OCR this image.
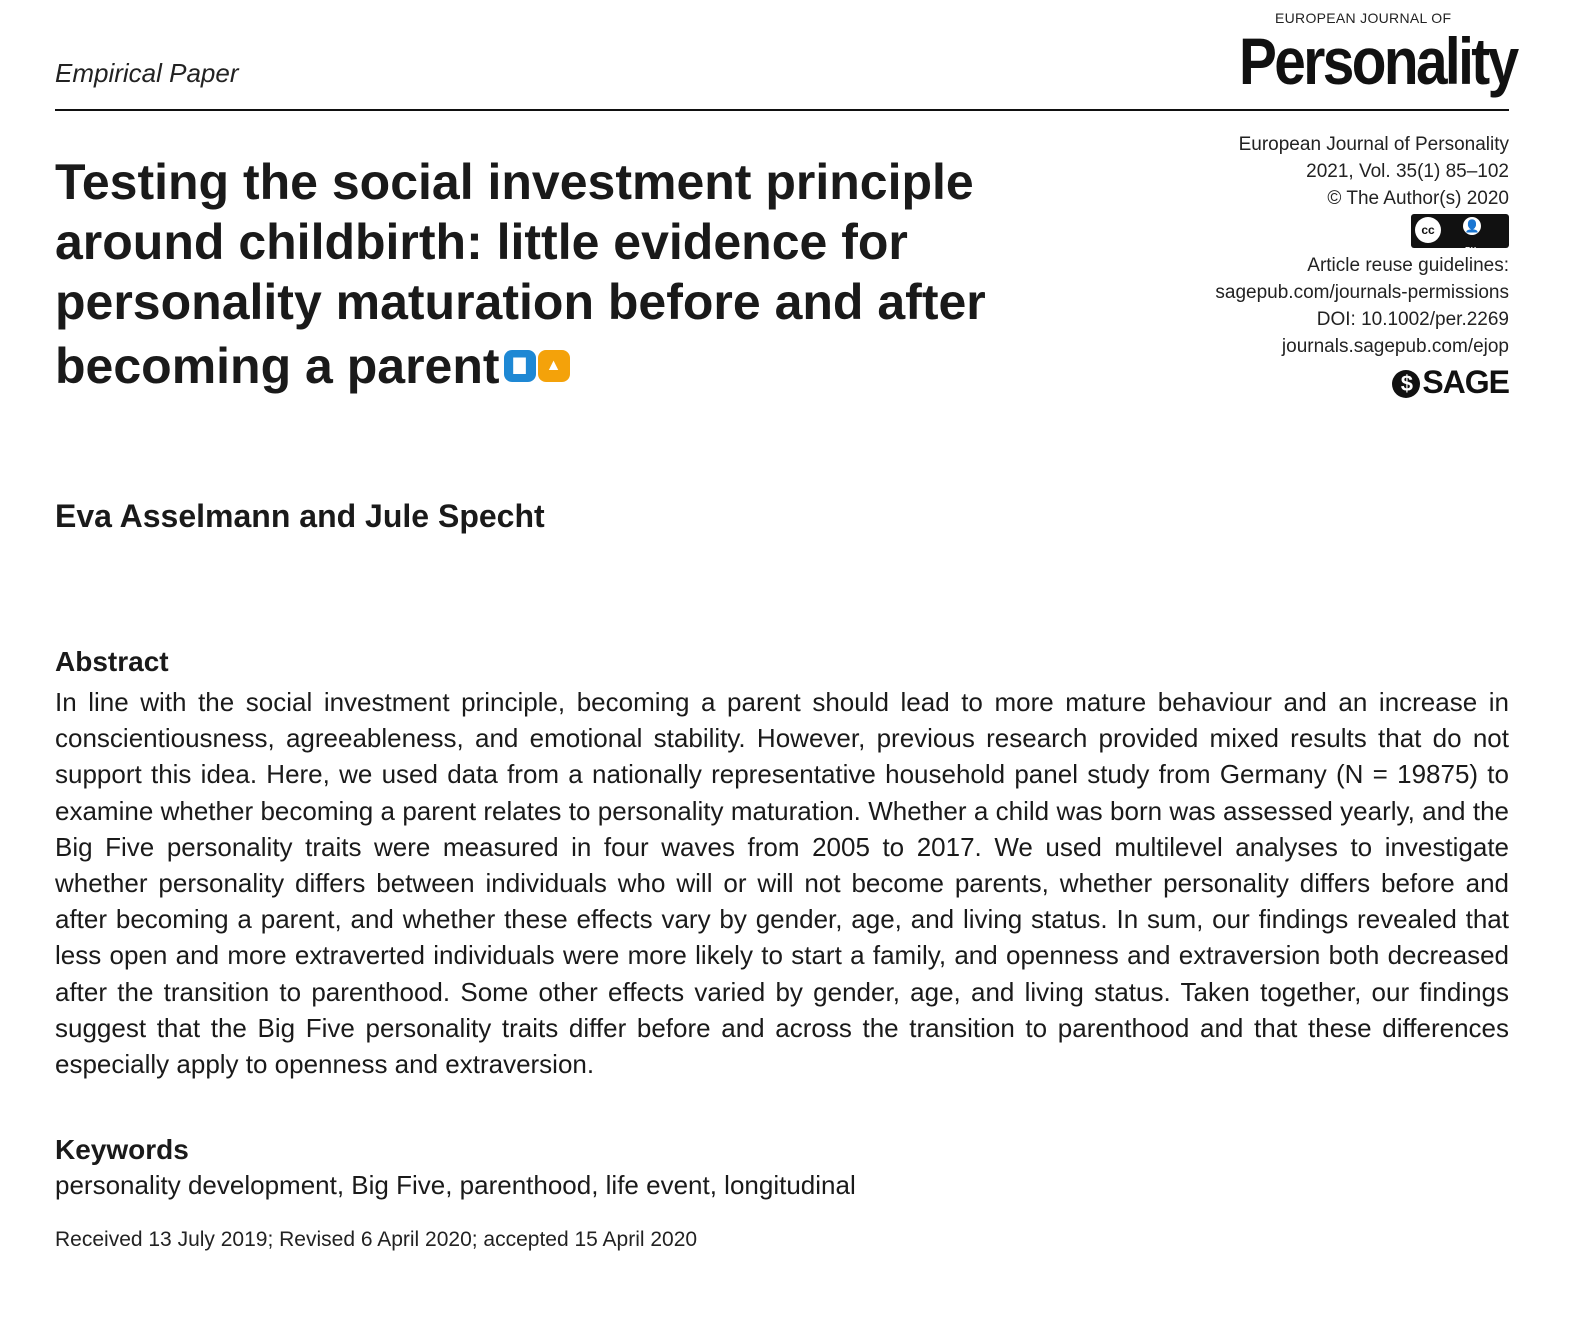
Empirical Paper
EUROPEAN JOURNAL OF
Personality
European Journal of Personality
2021, Vol. 35(1) 85–102
© The Author(s) 2020
cc	👤
BY
Article reuse guidelines:
sagepub.com/journals-permissions
DOI: 10.1002/per.2269
journals.sagepub.com/ejop
$ SAGE
Testing the social investment principle around childbirth: little evidence for personality maturation before and after becoming a parent ▇	▲
Eva Asselmann and Jule Specht
Abstract
In line with the social investment principle, becoming a parent should lead to more mature behaviour and an increase in conscientiousness, agreeableness, and emotional stability. However, previous research provided mixed results that do not support this idea. Here, we used data from a nationally representative household panel study from Germany (N = 19875) to examine whether becoming a parent relates to personality maturation. Whether a child was born was assessed yearly, and the Big Five personality traits were measured in four waves from 2005 to 2017. We used multilevel analyses to investigate whether personality differs between individuals who will or will not become parents, whether personality differs before and after becoming a parent, and whether these effects vary by gender, age, and living status. In sum, our findings revealed that less open and more extraverted individuals were more likely to start a family, and openness and extraversion both decreased after the transition to parenthood. Some other effects varied by gender, age, and living status. Taken together, our findings suggest that the Big Five personality traits differ before and across the transition to parenthood and that these differences especially apply to openness and extraversion.
Keywords
personality development, Big Five, parenthood, life event, longitudinal
Received 13 July 2019; Revised 6 April 2020; accepted 15 April 2020
